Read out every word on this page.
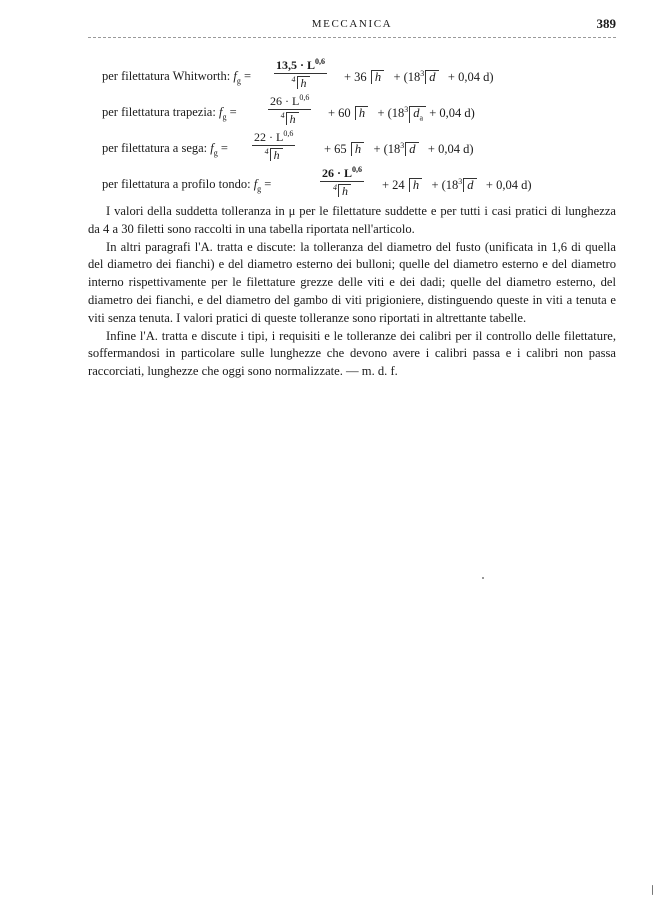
MECCANICA	389
per filettatura Whitworth: $f_g$ =
13,5 · L$^{0,6}$
$^4$ h	+ 36 $h + (18^3$ d + 0,04 d)
per filettatura trapezia: $f_g$ =
26 · L$^{0,6}$
$^4$ h	+ 60 $h + (18^3$ $d_a + 0,04$ d)
per filettatura a sega: $f_g$ =
22 · L$^{0,6}$
$^4$ h	+ 65 $h + (18^3$ d + 0,04 d)
per filettatura a profilo tondo: $f_g$ =
26 · L$^{0,6}$
$^4$ h	+ 24 $h + (18^3$ d + 0,04 d)

I valori della suddetta tolleranza in μ per le filettature suddette e per tutti i casi pratici di lunghezza da 4 a 30 filetti sono raccolti in una tabella riportata nell'articolo.

In altri paragrafi l'A. tratta e discute: la tolleranza del diametro del fusto (unificata in 1,6 di quella del diametro dei fianchi) e del diametro esterno dei bulloni; quelle del diametro esterno e del diametro interno rispettivamente per le filettature grezze delle viti e dei dadi; quelle del diametro esterno, del diametro dei fianchi, e del diametro del gambo di viti prigioniere, distinguendo queste in viti a tenuta e viti senza tenuta. I valori pratici di queste tolleranze sono riportati in altrettante tabelle.

Infine l'A. tratta e discute i tipi, i requisiti e le tolleranze dei calibri per il controllo delle filettature, soffermandosi in particolare sulle lunghezze che devono avere i calibri passa e i calibri non passa raccorciati, lunghezze che oggi sono normalizzate. — m. d. f.
